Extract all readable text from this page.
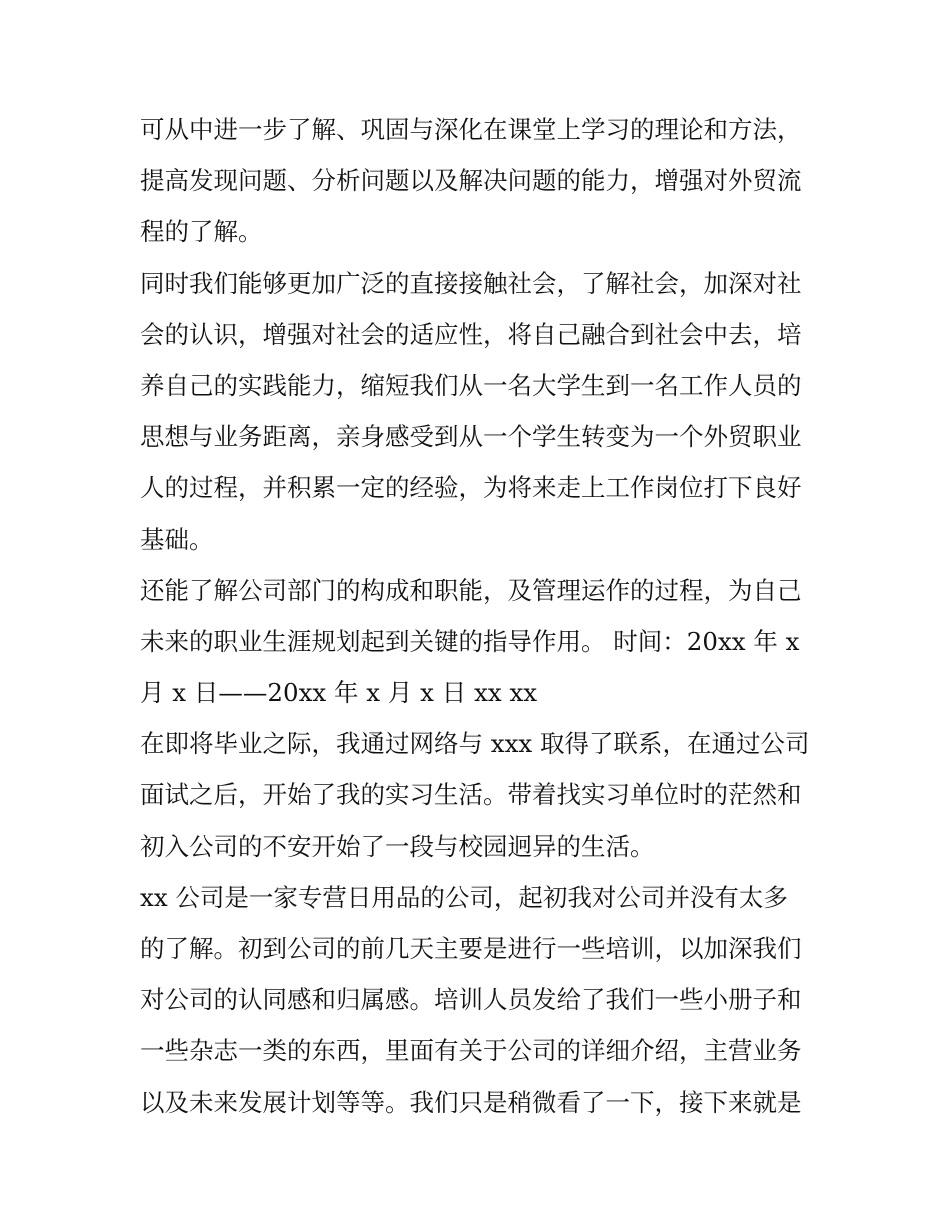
可从中进一步了解、巩固与深化在课堂上学习的理论和方法，
提高发现问题、分析问题以及解决问题的能力，增强对外贸流
程的了解。
同时我们能够更加广泛的直接接触社会，了解社会，加深对社
会的认识，增强对社会的适应性，将自己融合到社会中去，培
养自己的实践能力，缩短我们从一名大学生到一名工作人员的
思想与业务距离，亲身感受到从一个学生转变为一个外贸职业
人的过程，并积累一定的经验，为将来走上工作岗位打下良好
基础。
还能了解公司部门的构成和职能，及管理运作的过程，为自己
未来的职业生涯规划起到关键的指导作用。 时间：20xx 年 x
月 x 日——20xx 年 x 月 x 日 xx xx
在即将毕业之际，我通过网络与 xxx 取得了联系，在通过公司
面试之后，开始了我的实习生活。带着找实习单位时的茫然和
初入公司的不安开始了一段与校园迥异的生活。
xx 公司是一家专营日用品的公司，起初我对公司并没有太多
的了解。初到公司的前几天主要是进行一些培训，以加深我们
对公司的认同感和归属感。培训人员发给了我们一些小册子和
一些杂志一类的东西，里面有关于公司的详细介绍，主营业务
以及未来发展计划等等。我们只是稍微看了一下，接下来就是
